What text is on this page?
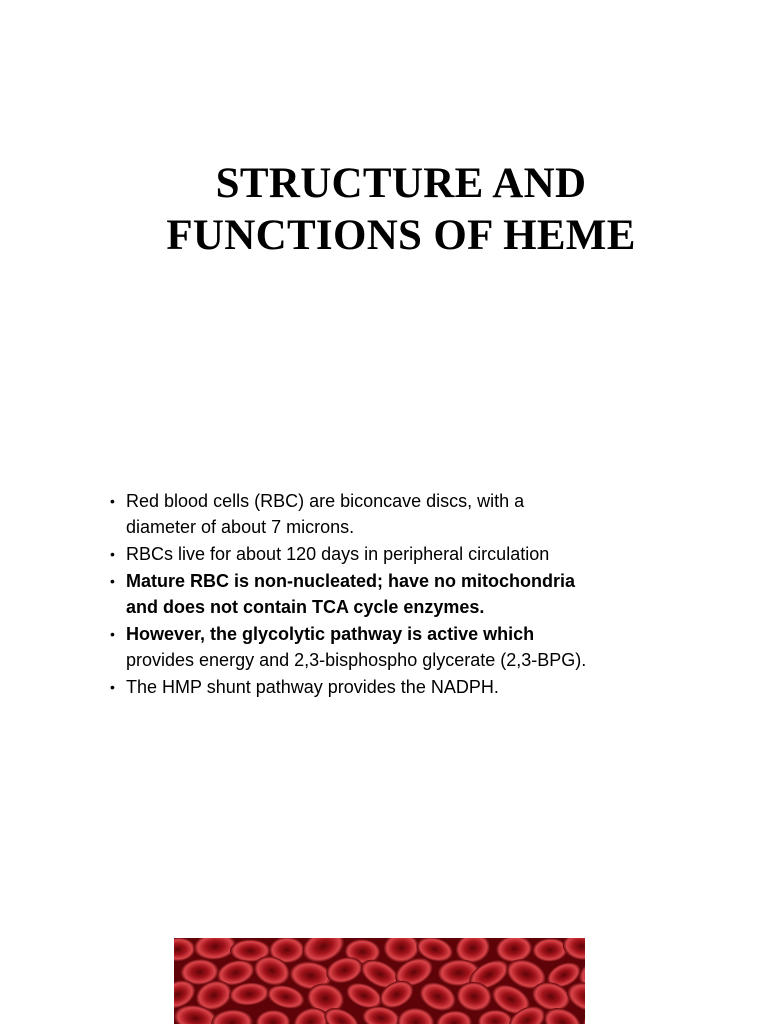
STRUCTURE AND
FUNCTIONS OF HEME
• Red blood cells (RBC) are biconcave discs, with a
diameter of about 7 microns.
• RBCs live for about 120 days in peripheral circulation
• Mature RBC is non-nucleated; have no mitochondria
and does not contain TCA cycle enzymes.
• However, the glycolytic pathway is active which
provides energy and 2,3-bisphospho glycerate (2,3-BPG).
• The HMP shunt pathway provides the NADPH.
